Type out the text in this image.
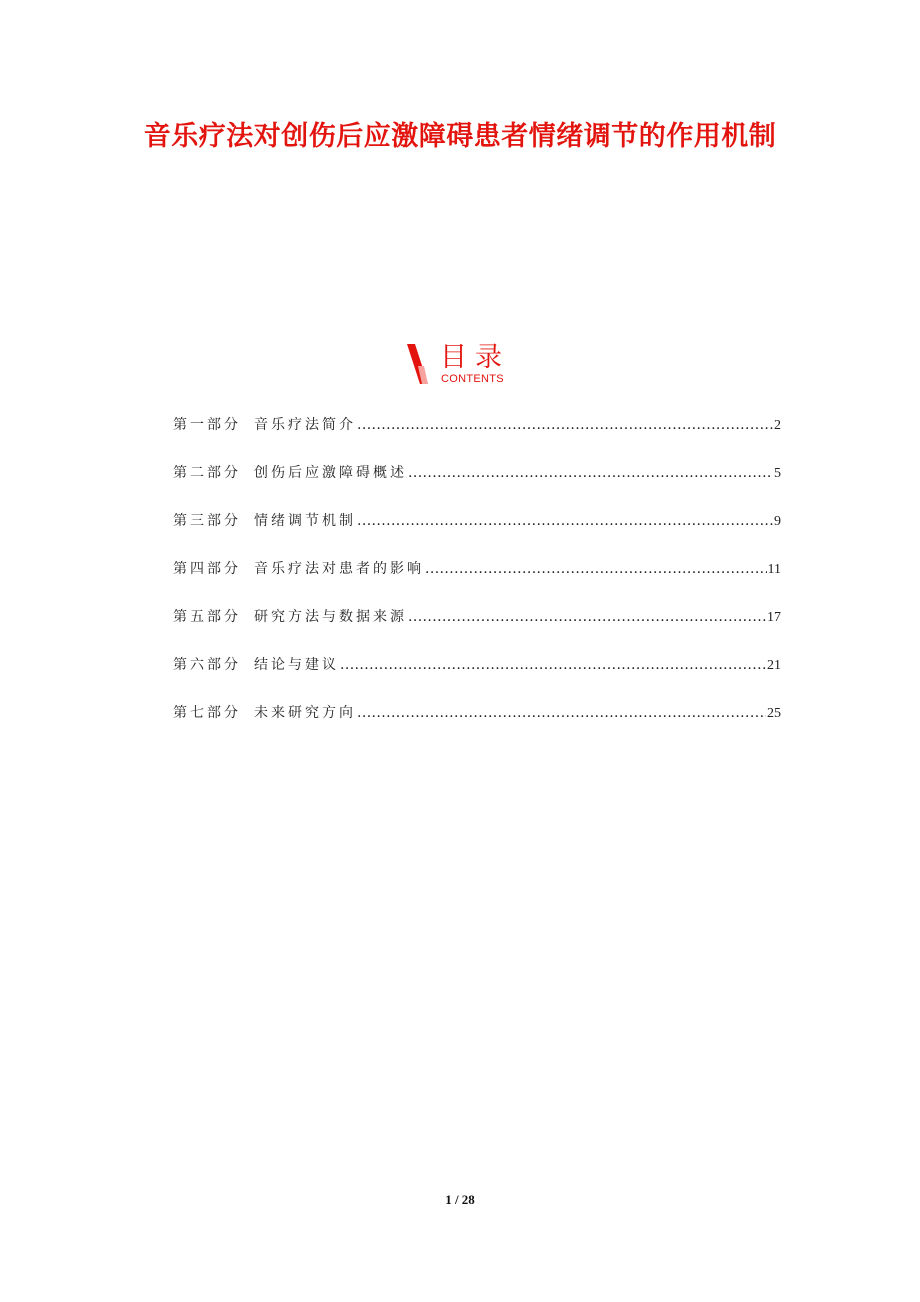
音乐疗法对创伤后应激障碍患者情绪调节的作用机制
目录
CONTENTS
第一部分 音乐疗法简介 .....	2
第二部分 创伤后应激障碍概述 .....	5
第三部分 情绪调节机制 .....	9
第四部分 音乐疗法对患者的影响 .....	11
第五部分 研究方法与数据来源 .....	17
第六部分 结论与建议 .....	21
第七部分 未来研究方向 .....	25
1 / 28
